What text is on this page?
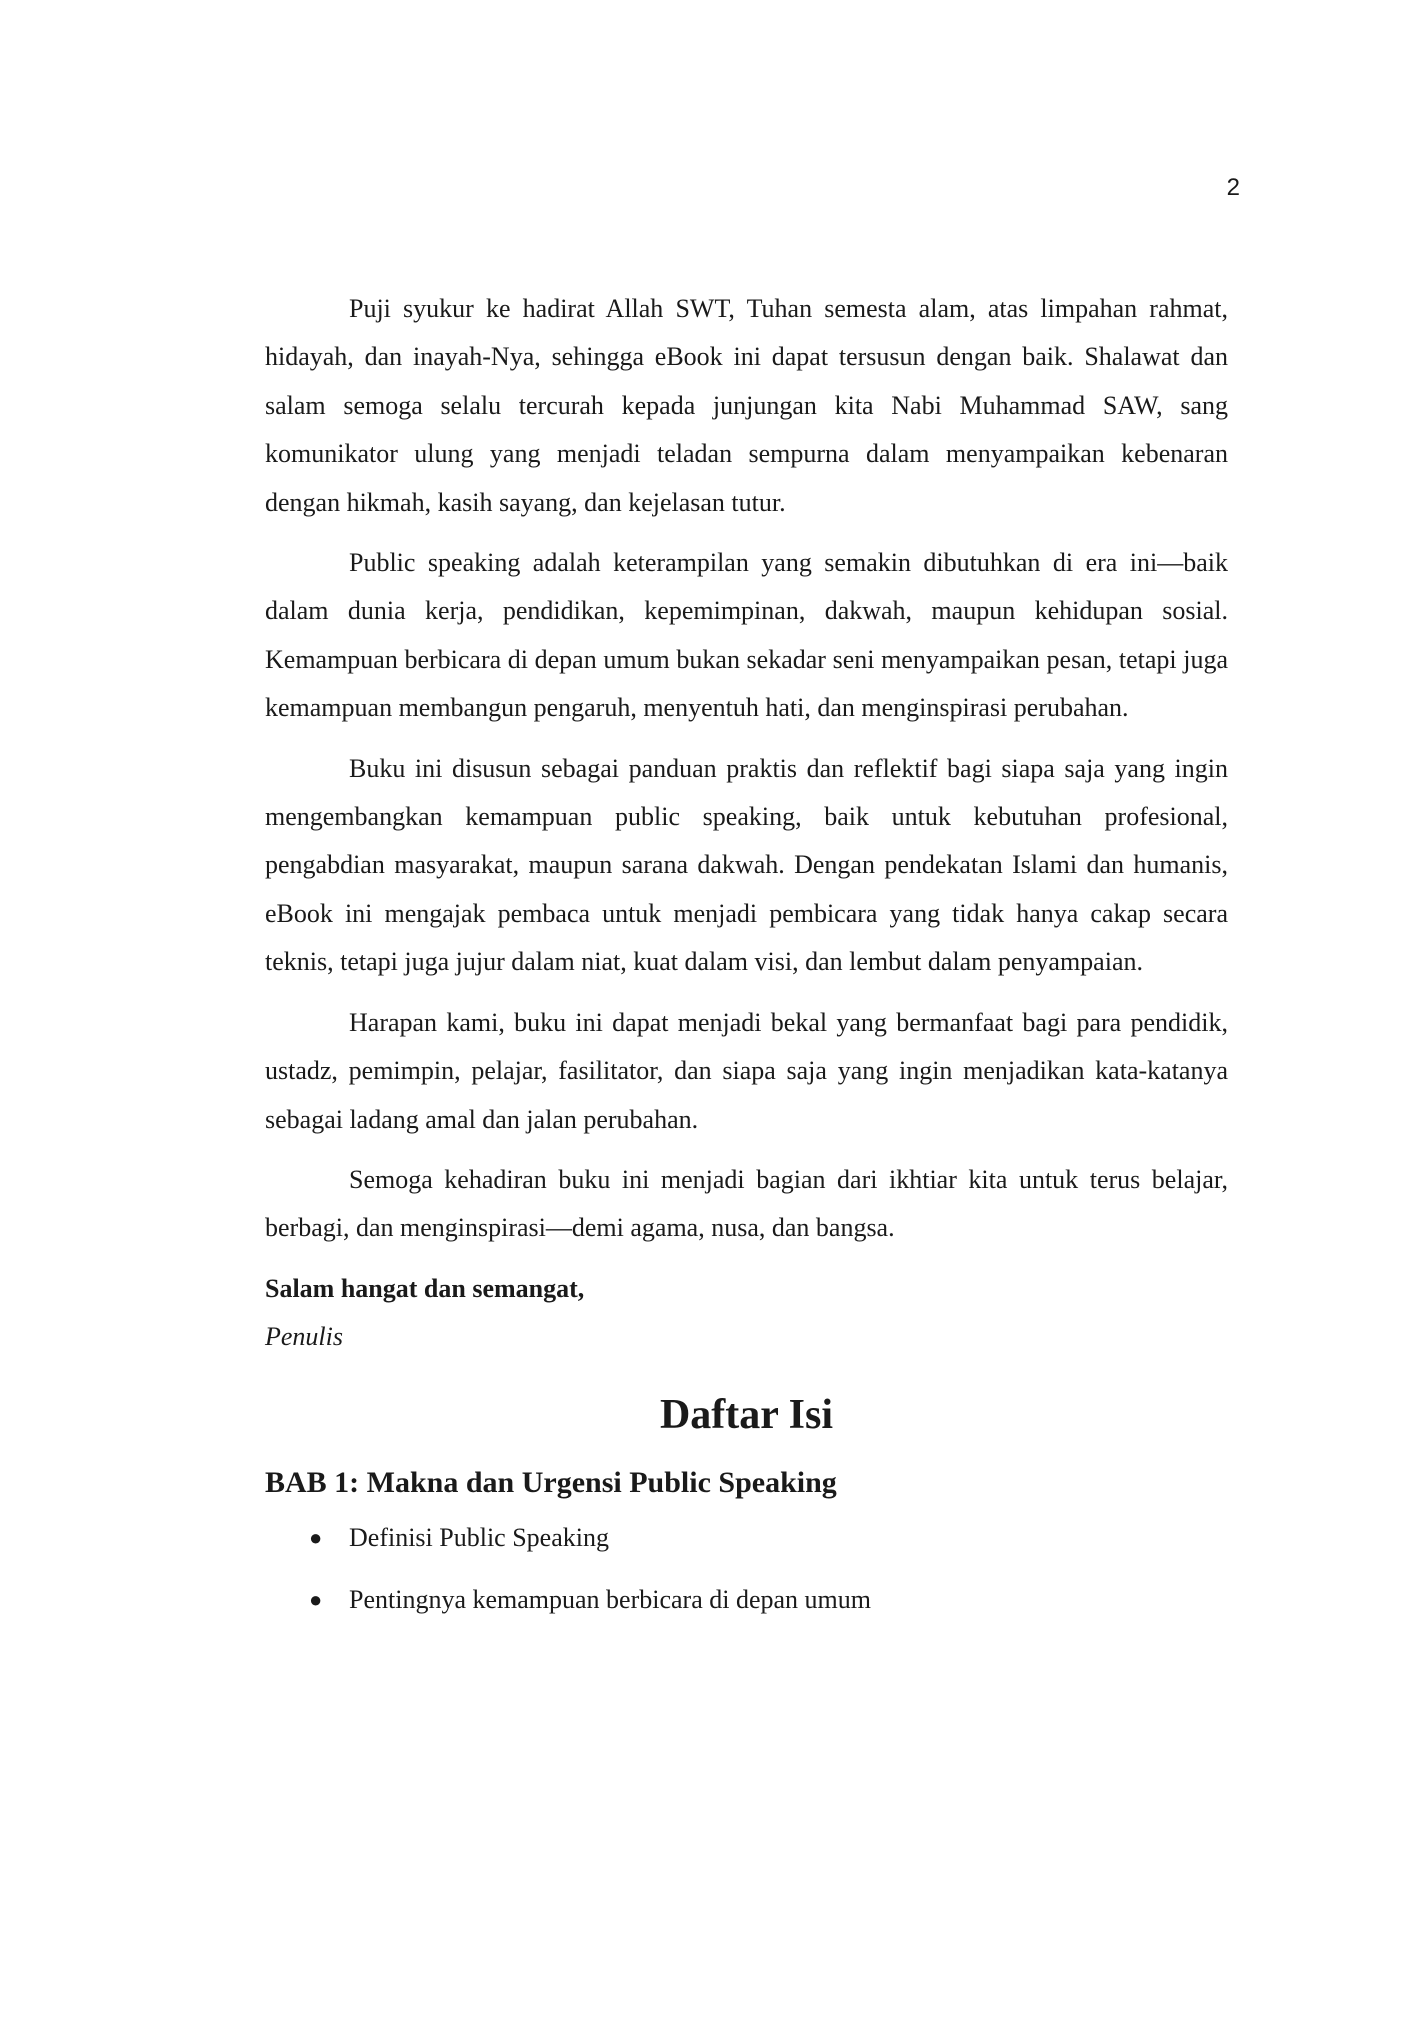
2

Puji syukur ke hadirat Allah SWT, Tuhan semesta alam, atas limpahan rahmat, hidayah, dan inayah-Nya, sehingga eBook ini dapat tersusun dengan baik. Shalawat dan salam semoga selalu tercurah kepada junjungan kita Nabi Muhammad SAW, sang komunikator ulung yang menjadi teladan sempurna dalam menyampaikan kebenaran dengan hikmah, kasih sayang, dan kejelasan tutur.

Public speaking adalah keterampilan yang semakin dibutuhkan di era ini—baik dalam dunia kerja, pendidikan, kepemimpinan, dakwah, maupun kehidupan sosial. Kemampuan berbicara di depan umum bukan sekadar seni menyampaikan pesan, tetapi juga kemampuan membangun pengaruh, menyentuh hati, dan menginspirasi perubahan.

Buku ini disusun sebagai panduan praktis dan reflektif bagi siapa saja yang ingin mengembangkan kemampuan public speaking, baik untuk kebutuhan profesional, pengabdian masyarakat, maupun sarana dakwah. Dengan pendekatan Islami dan humanis, eBook ini mengajak pembaca untuk menjadi pembicara yang tidak hanya cakap secara teknis, tetapi juga jujur dalam niat, kuat dalam visi, dan lembut dalam penyampaian.

Harapan kami, buku ini dapat menjadi bekal yang bermanfaat bagi para pendidik, ustadz, pemimpin, pelajar, fasilitator, dan siapa saja yang ingin menjadikan kata-katanya sebagai ladang amal dan jalan perubahan.

Semoga kehadiran buku ini menjadi bagian dari ikhtiar kita untuk terus belajar, berbagi, dan menginspirasi—demi agama, nusa, dan bangsa.

Salam hangat dan semangat,

Penulis

Daftar Isi
BAB 1: Makna dan Urgensi Public Speaking
● Definisi Public Speaking
● Pentingnya kemampuan berbicara di depan umum
